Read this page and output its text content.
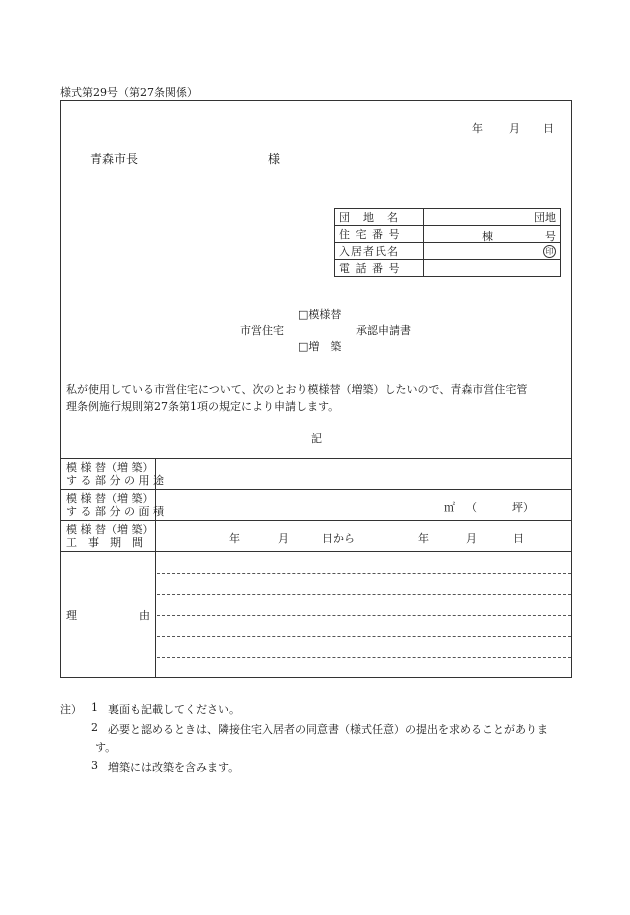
様式第29号（第27条関係）
年 月 日
青森市長	様
団　地　名	団地
住 宅 番 号	棟 号

入居者氏名	印
電 話 番 号	
□模様替
市営住宅	承認申請書
□増　築
私が使用している市営住宅について、次のとおり模様替（増築）したいので、青森市営住宅管
理条例施行規則第27条第1項の規定により申請します。
記
模 様 替（増 築）
す る 部 分 の 用 途
模 様 替（増 築）
す る 部 分 の 面 積	㎡ （	坪）
模 様 替（増 築）
工　事　期　間	年	月	日から	年	月	日
理	由
注） 1 裏面も記載してください。
2 必要と認めるときは、隣接住宅入居者の同意書（様式任意）の提出を求めることがありま
す。
3 増築には改築を含みます。
